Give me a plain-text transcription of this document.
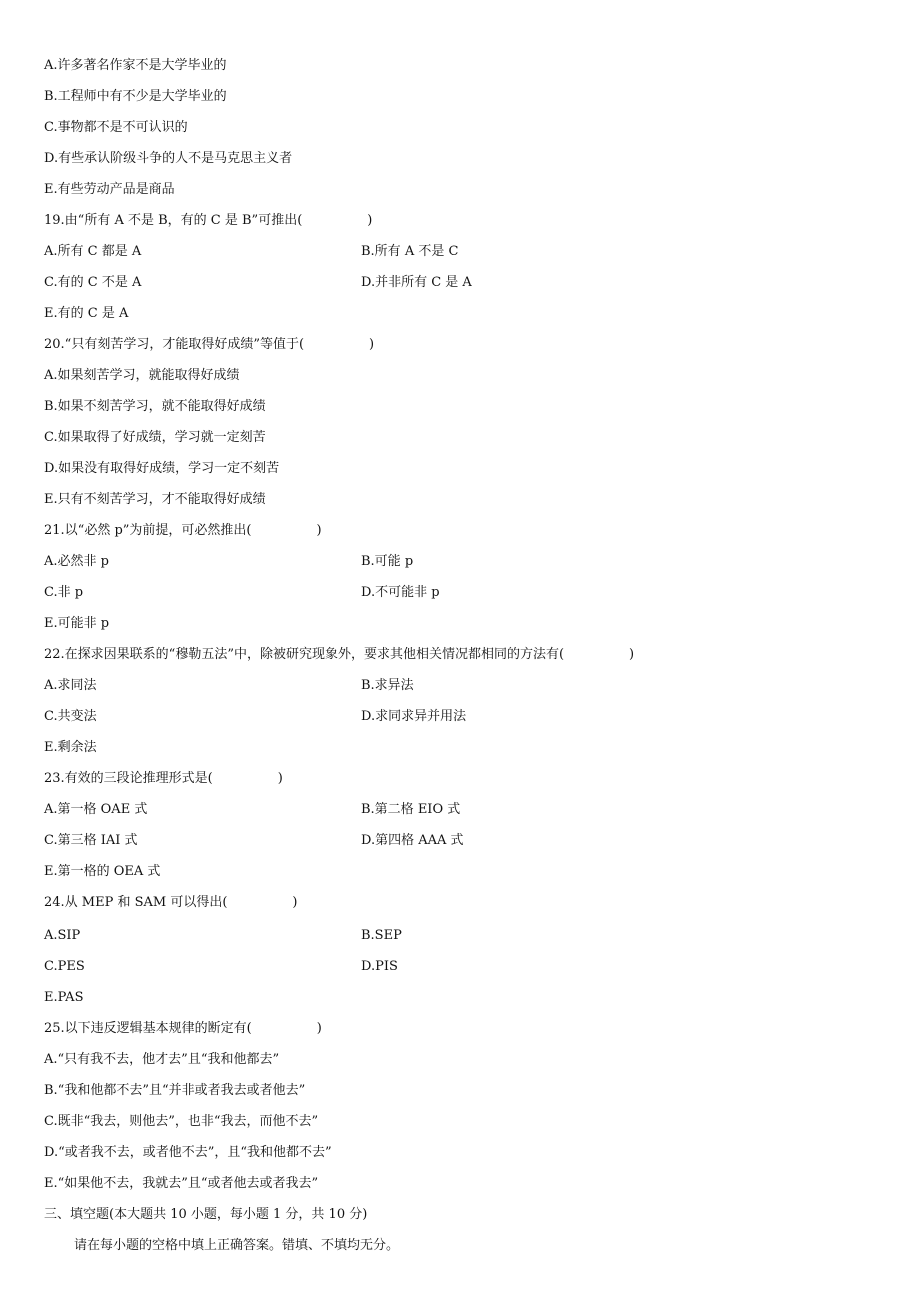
A.许多著名作家不是大学毕业的
B.工程师中有不少是大学毕业的
C.事物都不是不可认识的
D.有些承认阶级斗争的人不是马克思主义者
E.有些劳动产品是商品
19.由“所有 A 不是 B，有的 C 是 B”可推出(　　　　　)
A.所有 C 都是 A	B.所有 A 不是 C
C.有的 C 不是 A	D.并非所有 C 是 A
E.有的 C 是 A
20.“只有刻苦学习，才能取得好成绩”等值于(　　　　　)
A.如果刻苦学习，就能取得好成绩
B.如果不刻苦学习，就不能取得好成绩
C.如果取得了好成绩，学习就一定刻苦
D.如果没有取得好成绩，学习一定不刻苦
E.只有不刻苦学习，才不能取得好成绩
21.以“必然 p”为前提，可必然推出(　　　　　)
A.必然非 p	B.可能 p
C.非 p	D.不可能非 p
E.可能非 p
22.在探求因果联系的“穆勒五法”中，除被研究现象外，要求其他相关情况都相同的方法有(　　　　　)
A.求同法	B.求异法
C.共变法	D.求同求异并用法
E.剩余法
23.有效的三段论推理形式是(　　　　　)
A.第一格 OAE 式	B.第二格 EIO 式
C.第三格 IAI 式	D.第四格 AAA 式
E.第一格的 OEA 式
24.从 MEP 和 SAM 可以得出(　　　　　)
A.SIP	B.SEP
C.PES	D.PIS
E.PAS
25.以下违反逻辑基本规律的断定有(　　　　　)
A.“只有我不去，他才去”且“我和他都去”
B.“我和他都不去”且“并非或者我去或者他去”
C.既非“我去，则他去”，也非“我去，而他不去”
D.“或者我不去，或者他不去”，且“我和他都不去”
E.“如果他不去，我就去”且“或者他去或者我去”
三、填空题(本大题共 10 小题，每小题 1 分，共 10 分)
请在每小题的空格中填上正确答案。错填、不填均无分。
